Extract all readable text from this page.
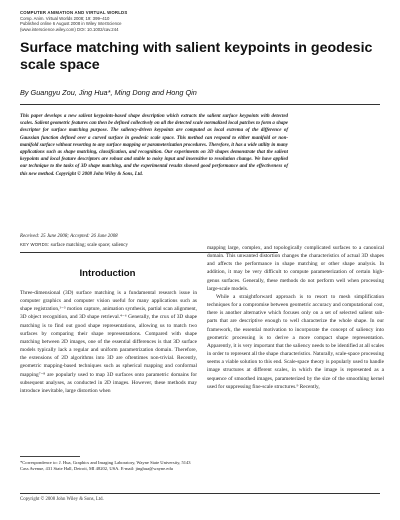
COMPUTER ANIMATION AND VIRTUAL WORLDS
Comp. Anim. Virtual Worlds 2008; 19: 399–410
Published online 6 August 2008 in Wiley InterScience
(www.interscience.wiley.com) DOI: 10.1002/cav.244
Surface matching with salient keypoints in geodesic scale space
By Guangyu Zou, Jing Hua*, Ming Dong and Hong Qin
This paper develops a new salient keypoints-based shape description which extracts the salient surface keypoints with detected scales. Salient geometric features can then be defined collectively on all the detected scale normalized local patches to form a shape descriptor for surface matching purpose. The saliency-driven keypoints are computed as local extrema of the difference of Gaussian function defined over a curved surface in geodesic scale space. This method can respond to either manifold or non-manifold surface without resorting to any surface mapping or parameterization procedures. Therefore, it has a wide utility in many applications such as shape matching, classification, and recognition. Our experiments on 3D shapes demonstrate that the salient keypoints and local feature descriptors are robust and stable to noisy input and insensitive to resolution change. We have applied our technique to the tasks of 3D shape matching, and the experimental results showed good performance and the effectiveness of this new method. Copyright © 2008 John Wiley & Sons, Ltd.
Received: 25 June 2008; Accepted: 26 June 2008
KEY WORDS: surface matching; scale space; saliency
Introduction

Three-dimensional (3D) surface matching is a fundamental research issue in computer graphics and computer vision useful for many applications such as shape registration,¹⁻³ motion capture, animation synthesis, partial scan alignment, 3D object recognition, and 3D shape retrieval.⁴⁻⁶ Generally, the crux of 3D shape matching is to find out good shape representations, allowing us to match two surfaces by comparing their shape representations. Compared with shape matching between 2D images, one of the essential differences is that 3D surface models typically lack a regular and uniform parametrization domain. Therefore, the extensions of 2D algorithms into 3D are oftentimes non-trivial. Recently, geometric mapping-based techniques such as spherical mapping and conformal mapping⁷⁻⁸ are popularly used to map 3D surfaces onto parametric domains for subsequent analyses, as conducted in 2D images. However, these methods may introduce inevitable, large distortion when

mapping large, complex, and topologically complicated surfaces to a canonical domain. This unwanted distortion changes the characteristics of actual 3D shapes and affects the performance in shape matching or other shape analysis. In addition, it may be very difficult to compute parameterization of certain high-genus surfaces. Generally, these methods do not perform well when processing large-scale models.

While a straightforward approach is to resort to mesh simplification techniques for a compromise between geometric accuracy and computational cost, there is another alternative which focuses only on a set of selected salient sub-parts that are descriptive enough to well characterize the whole shape. In our framework, the essential motivation to incorporate the concept of saliency into geometric processing is to derive a more compact shape representation. Apparently, it is very important that the saliency needs to be identified at all scales in order to represent all the shape characteristics. Naturally, scale-space processing seems a viable solution to this end. Scale-space theory is popularly used to handle image structures at different scales, in which the image is represented as a sequence of smoothed images, parameterized by the size of the smoothing kernel used for suppressing fine-scale structures.⁹ Recently,

*Correspondence to: J. Hua, Graphics and Imaging Laboratory, Wayne State University, 5143 Cass Avenue, 431 State Hall, Detroit, MI 48202, USA. E-mail: jinghua@wayne.edu
Copyright © 2008 John Wiley & Sons, Ltd.
